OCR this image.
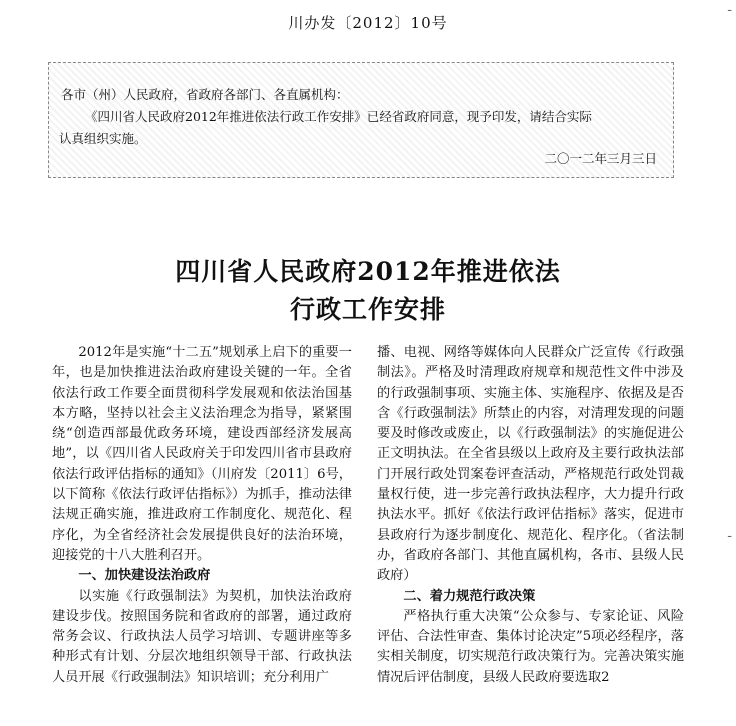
川办发〔2012〕10号
各市（州）人民政府，省政府各部门、各直属机构：
《四川省人民政府2012年推进依法行政工作安排》已经省政府同意，现予印发，请结合实际
认真组织实施。
二〇一二年三月三日
四川省人民政府2012年推进依法
行政工作安排

2012年是实施“十二五”规划承上启下的重要一年，也是加快推进法治政府建设关键的一年。全省依法行政工作要全面贯彻科学发展观和依法治国基本方略，坚持以社会主义法治理念为指导，紧紧围绕“创造西部最优政务环境，建设西部经济发展高地”，以《四川省人民政府关于印发四川省市县政府依法行政评估指标的通知》（川府发〔2011〕6号，以下简称《依法行政评估指标》）为抓手，推动法律法规正确实施，推进政府工作制度化、规范化、程序化，为全省经济社会发展提供良好的法治环境，迎接党的十八大胜利召开。

一、加快建设法治政府

以实施《行政强制法》为契机，加快法治政府建设步伐。按照国务院和省政府的部署，通过政府常务会议、行政执法人员学习培训、专题讲座等多种形式有计划、分层次地组织领导干部、行政执法人员开展《行政强制法》知识培训；充分利用广

播、电视、网络等媒体向人民群众广泛宣传《行政强制法》。严格及时清理政府规章和规范性文件中涉及的行政强制事项、实施主体、实施程序、依据及是否含《行政强制法》所禁止的内容，对清理发现的问题要及时修改或废止，以《行政强制法》的实施促进公正文明执法。在全省县级以上政府及主要行政执法部门开展行政处罚案卷评查活动，严格规范行政处罚裁量权行使，进一步完善行政执法程序，大力提升行政执法水平。抓好《依法行政评估指标》落实，促进市县政府行为逐步制度化、规范化、程序化。（省法制办，省政府各部门、其他直属机构，各市、县级人民政府）

二、着力规范行政决策

严格执行重大决策“公众参与、专家论证、风险评估、合法性审查、集体讨论决定”5项必经程序，落实相关制度，切实规范行政决策行为。完善决策实施情况后评估制度，县级人民政府要选取2

-
-
